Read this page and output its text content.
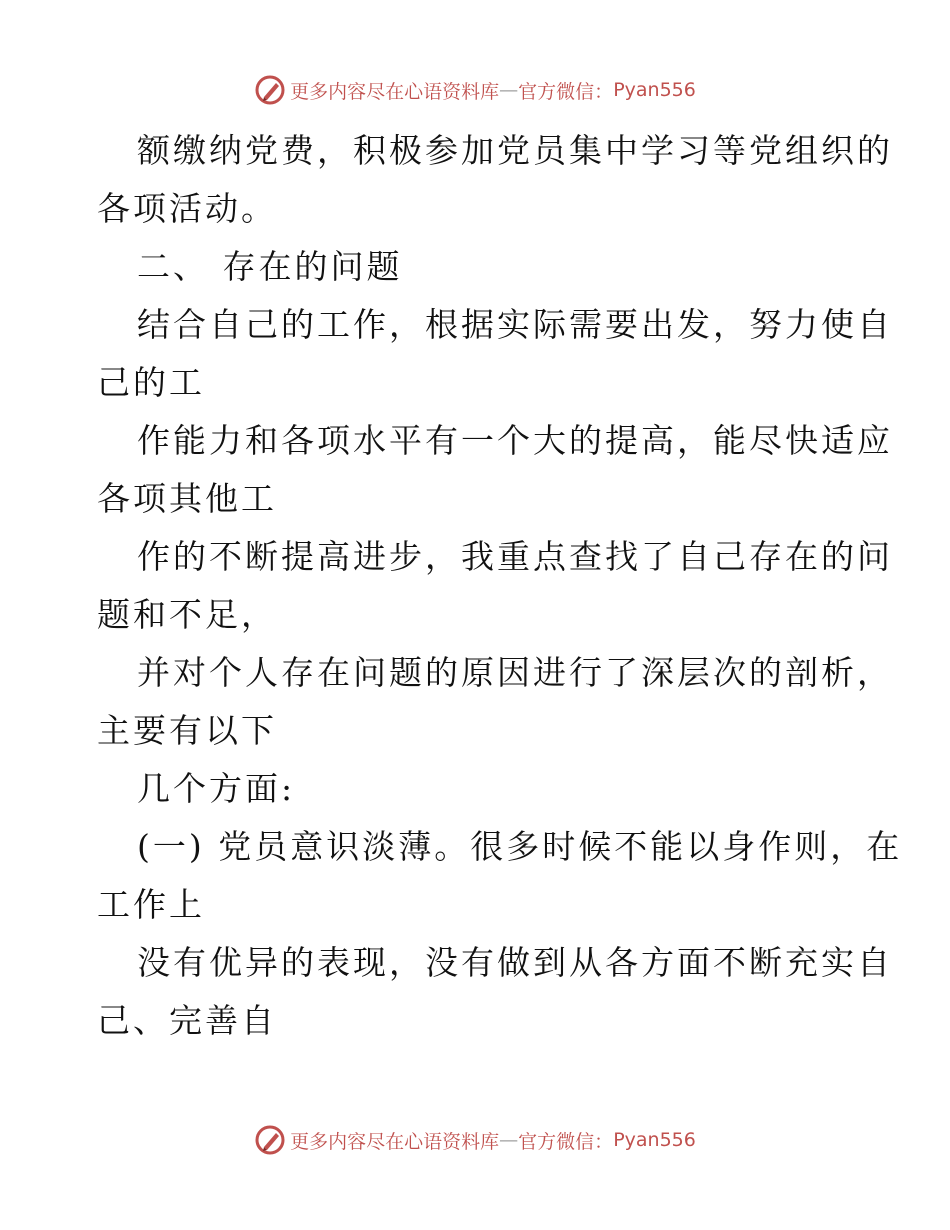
更多内容尽在心语资料库 — 官方微信： Pyan556
额缴纳党费，积极参加党员集中学习等党组织的
各项活动。
二、 存在的问题
结合自己的工作，根据实际需要出发，努力使自
己的工
作能力和各项水平有一个大的提高，能尽快适应
各项其他工
作的不断提高进步，我重点查找了自己存在的问
题和不足，
并对个人存在问题的原因进行了深层次的剖析，
主要有以下
几个方面:
(一) 党员意识淡薄。很多时候不能以身作则，在
工作上
没有优异的表现，没有做到从各方面不断充实自
己、完善自
更多内容尽在心语资料库 — 官方微信： Pyan556
